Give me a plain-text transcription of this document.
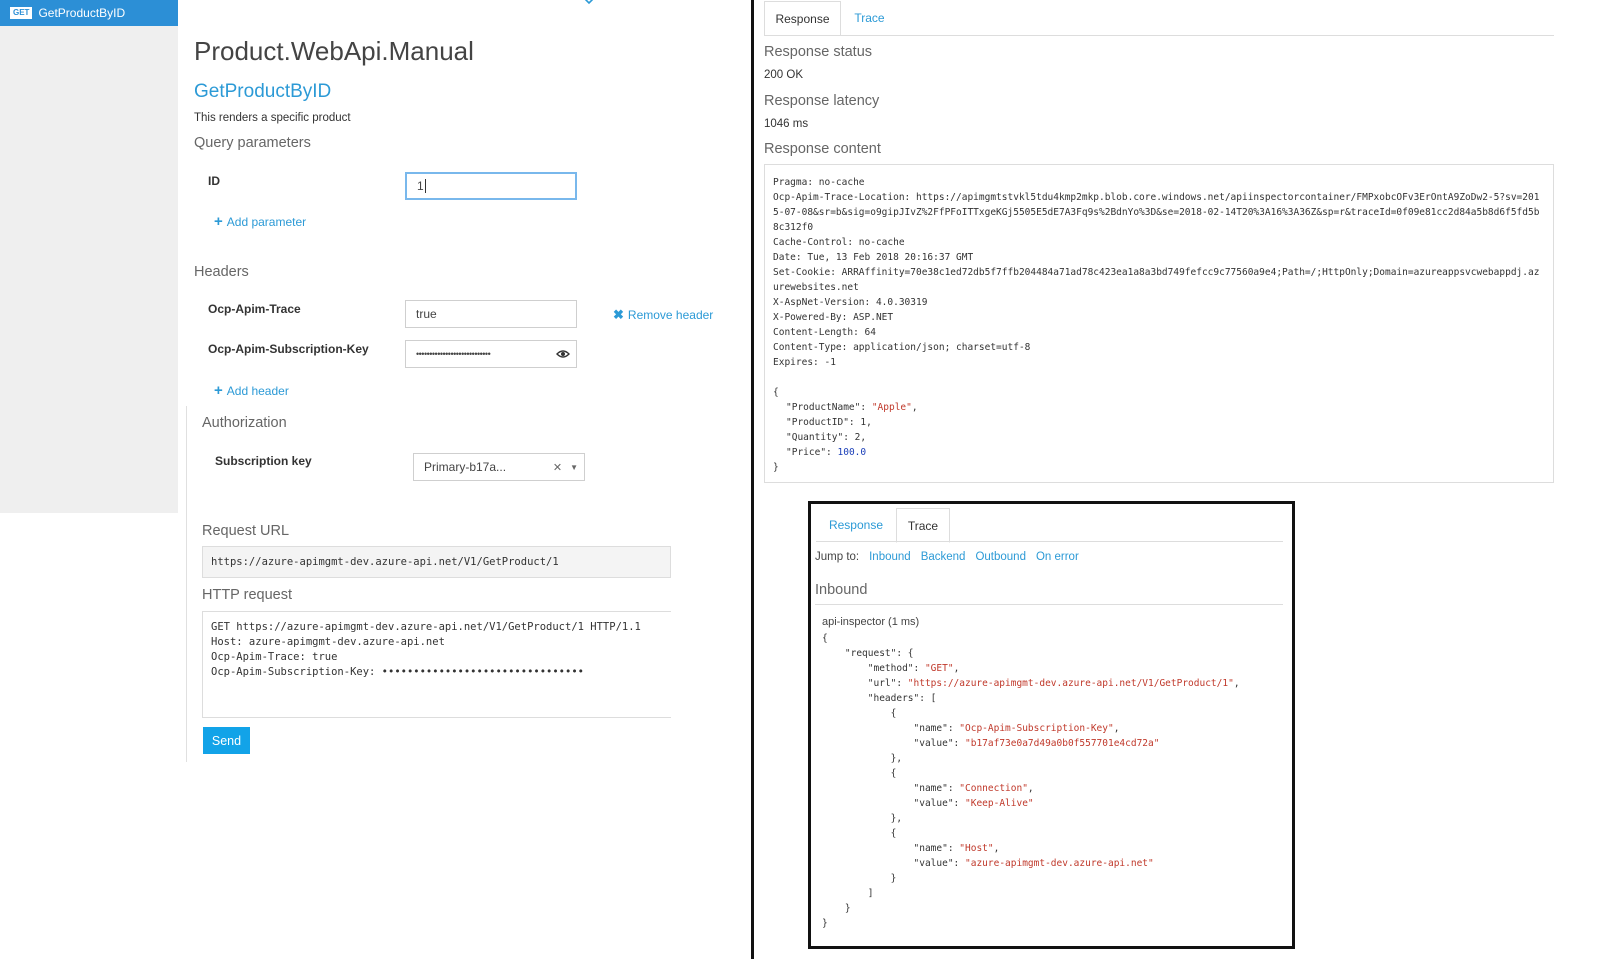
GET GetProductByID
Product.WebApi.Manual
GetProductByID
This renders a specific product
Query parameters
ID	1
+ Add parameter
Headers
Ocp-Apim-Trace	true	✖ Remove header
Ocp-Apim-Subscription-Key	••••••••••••••••••••••••••••
+ Add header
Authorization
Subscription key	Primary-b17a...	✕ ▼
Request URL
https://azure-apimgmt-dev.azure-api.net/V1/GetProduct/1
HTTP request
GET https://azure-apimgmt-dev.azure-api.net/V1/GetProduct/1 HTTP/1.1
Host: azure-apimgmt-dev.azure-api.net
Ocp-Apim-Trace: true
Ocp-Apim-Subscription-Key: ••••••••••••••••••••••••••••••••
Send
Response	Trace
Response status
200 OK
Response latency
1046 ms
Response content
Pragma: no-cache
Ocp-Apim-Trace-Location: https://apimgmtstvkl5tdu4kmp2mkp.blob.core.windows.net/apiinspectorcontainer/FMPxobcOFv3ErOntA9ZoDw2-5?sv=2015-07-08&sr=b&sig=o9gipJIvZ%2FfPFoITTxgeKGj5505E5dE7A3Fq9s%2BdnYo%3D&se=2018-02-14T20%3A16%3A36Z&sp=r&traceId=0f09e81cc2d84a5b8d6f5fd5b8c312f0
Cache-Control: no-cache
Date: Tue, 13 Feb 2018 20:16:37 GMT
Set-Cookie: ARRAffinity=70e38c1ed72db5f7ffb204484a71ad78c423ea1a8a3bd749fefcc9c77560a9e4;Path=/;HttpOnly;Domain=azureappsvcwebappdj.azurewebsites.net
X-AspNet-Version: 4.0.30319
X-Powered-By: ASP.NET
Content-Length: 64
Content-Type: application/json; charset=utf-8
Expires: -1

{
"ProductName": "Apple",
"ProductID": 1,
"Quantity": 2,
"Price": 100.0
}
Response	Trace
Jump to: Inbound Backend Outbound On error
Inbound
api-inspector (1 ms)
{
"request": {
"method": "GET",
"url": "https://azure-apimgmt-dev.azure-api.net/V1/GetProduct/1",
"headers": [
{
"name": "Ocp-Apim-Subscription-Key",
"value": "b17af73e0a7d49a0b0f557701e4cd72a"
},
{
"name": "Connection",
"value": "Keep-Alive"
},
{
"name": "Host",
"value": "azure-apimgmt-dev.azure-api.net"
}
]
}
}
